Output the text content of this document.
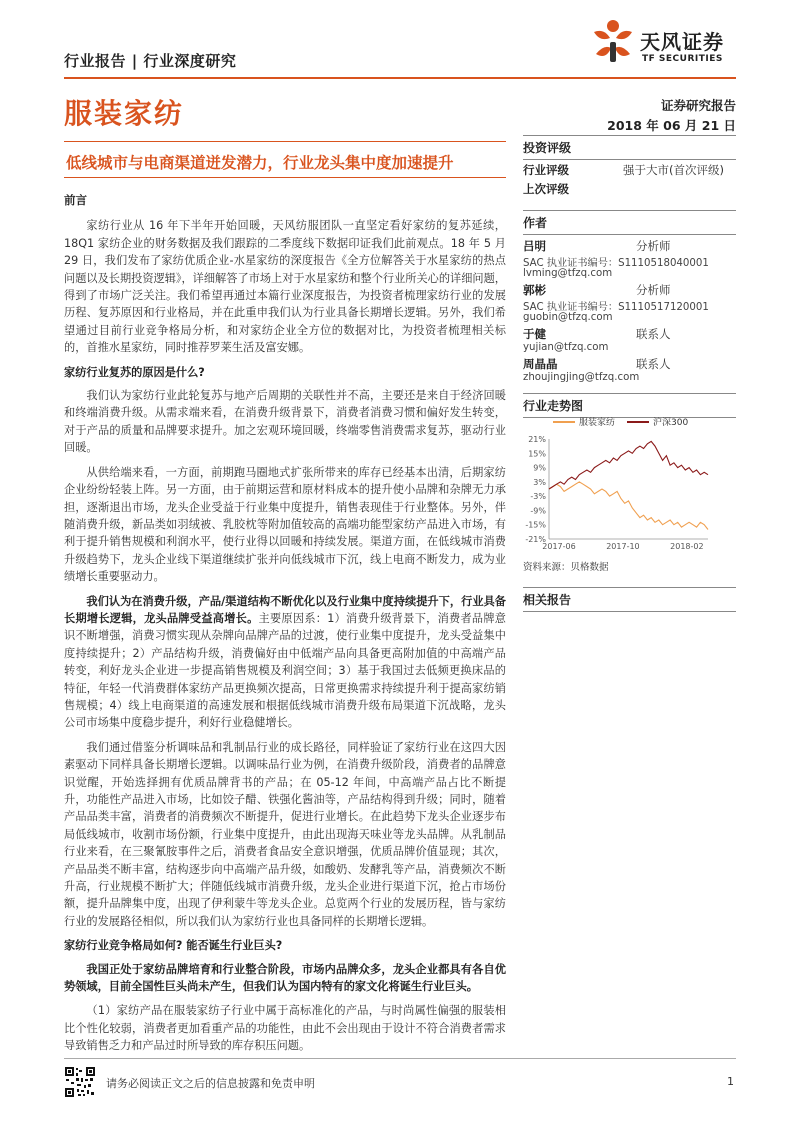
行业报告 | 行业深度研究
天风证券
TF SECURITIES
服装家纺	证券研究报告
2018 年 06 月 21 日
低线城市与电商渠道迸发潜力，行业龙头集中度加速提升
前言

家纺行业从 16 年下半年开始回暖，天风纺服团队一直坚定看好家纺的复苏延续，18Q1 家纺企业的财务数据及我们跟踪的二季度线下数据印证我们此前观点。18 年 5 月 29 日，我们发布了家纺优质企业-水星家纺的深度报告《全方位解答关于水星家纺的热点问题以及长期投资逻辑》，详细解答了市场上对于水星家纺和整个行业所关心的详细问题，得到了市场广泛关注。我们希望再通过本篇行业深度报告，为投资者梳理家纺行业的发展历程、复苏原因和行业格局，并在此重申我们认为行业具备长期增长逻辑。另外，我们希望通过目前行业竞争格局分析，和对家纺企业全方位的数据对比，为投资者梳理相关标的，首推水星家纺，同时推荐罗莱生活及富安娜。

家纺行业复苏的原因是什么?

我们认为家纺行业此轮复苏与地产后周期的关联性并不高，主要还是来自于经济回暖和终端消费升级。从需求端来看，在消费升级背景下，消费者消费习惯和偏好发生转变，对于产品的质量和品牌要求提升。加之宏观环境回暖，终端零售消费需求复苏，驱动行业回暖。

从供给端来看，一方面，前期跑马圈地式扩张所带来的库存已经基本出清，后期家纺企业纷纷轻装上阵。另一方面，由于前期运营和原材料成本的提升使小品牌和杂牌无力承担，逐渐退出市场，龙头企业受益于行业集中度提升，销售表现佳于行业整体。另外，伴随消费升级，新品类如羽绒被、乳胶枕等附加值较高的高端功能型家纺产品进入市场，有利于提升销售规模和利润水平，使行业得以回暖和持续发展。渠道方面，在低线城市消费升级趋势下，龙头企业线下渠道继续扩张并向低线城市下沉，线上电商不断发力，成为业绩增长重要驱动力。

我们认为在消费升级，产品/渠道结构不断优化以及行业集中度持续提升下，行业具备长期增长逻辑，龙头品牌受益高增长。主要原因系：1）消费升级背景下，消费者品牌意识不断增强，消费习惯实现从杂牌向品牌产品的过渡，使行业集中度提升，龙头受益集中度持续提升；2）产品结构升级，消费偏好由中低端产品向具备更高附加值的中高端产品转变，利好龙头企业进一步提高销售规模及利润空间；3）基于我国过去低频更换床品的特征，年轻一代消费群体家纺产品更换频次提高，日常更换需求持续提升利于提高家纺销售规模；4）线上电商渠道的高速发展和根据低线城市消费升级布局渠道下沉战略，龙头公司市场集中度稳步提升，利好行业稳健增长。

我们通过借鉴分析调味品和乳制品行业的成长路径，同样验证了家纺行业在这四大因素驱动下同样具备长期增长逻辑。以调味品行业为例，在消费升级阶段，消费者的品牌意识觉醒，开始选择拥有优质品牌背书的产品；在 05-12 年间，中高端产品占比不断提升，功能性产品进入市场，比如饺子醋、铁强化酱油等，产品结构得到升级；同时，随着产品品类丰富，消费者的消费频次不断提升，促进行业增长。在此趋势下龙头企业逐步布局低线城市，收割市场份额，行业集中度提升，由此出现海天味业等龙头品牌。从乳制品行业来看，在三聚氰胺事件之后，消费者食品安全意识增强，优质品牌价值显现；其次，产品品类不断丰富，结构逐步向中高端产品升级，如酸奶、发酵乳等产品，消费频次不断升高，行业规模不断扩大；伴随低线城市消费升级，龙头企业进行渠道下沉，抢占市场份额，提升品牌集中度，出现了伊利蒙牛等龙头企业。总览两个行业的发展历程，皆与家纺行业的发展路径相似，所以我们认为家纺行业也具备同样的长期增长逻辑。

家纺行业竞争格局如何? 能否诞生行业巨头?

我国正处于家纺品牌培育和行业整合阶段，市场内品牌众多，龙头企业都具有各自优势领域，目前全国性巨头尚未产生，但我们认为国内特有的家文化将诞生行业巨头。

（1）家纺产品在服装家纺子行业中属于高标准化的产品，与时尚属性偏强的服装相比个性化较弱，消费者更加看重产品的功能性，由此不会出现由于设计不符合消费者需求导致销售乏力和产品过时所导致的库存积压问题。

投资评级
行业评级	强于大市(首次评级)
上次评级
作者
吕明	分析师
SAC 执业证书编号：S1110518040001
lvming@tfzq.com
郭彬	分析师
SAC 执业证书编号：S1110517120001
guobin@tfzq.com
于健	联系人
yujian@tfzq.com
周晶晶	联系人
zhoujingjing@tfzq.com
行业走势图
服装家纺	沪深300
21%
15%
9%
3%
-3%
-9%
-15%
-21%
2017-06	2017-10	2018-02
资料来源：贝格数据
相关报告
请务必阅读正文之后的信息披露和免责申明	1
